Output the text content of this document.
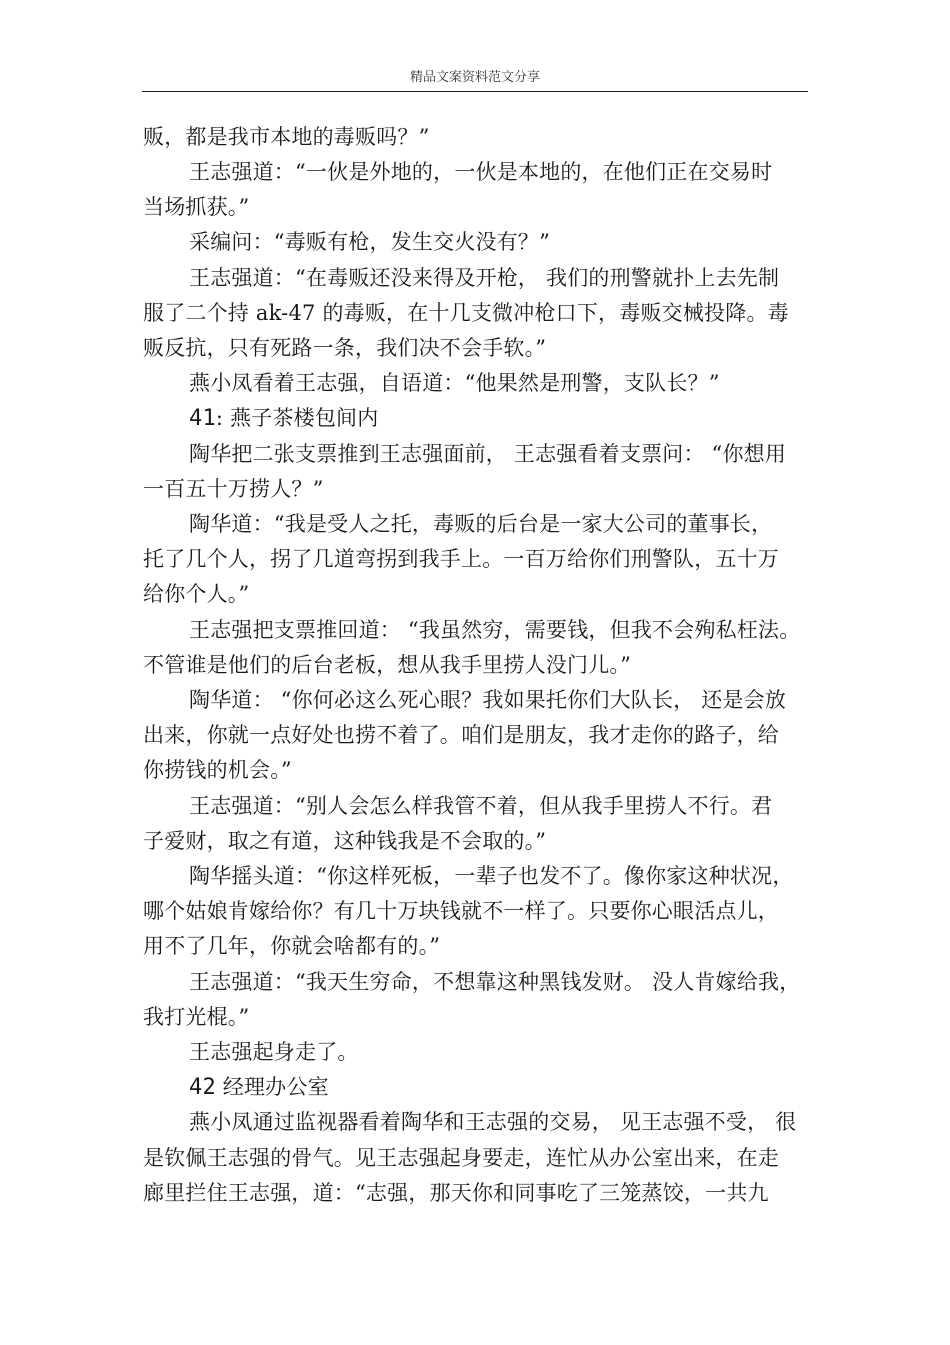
精品文案资料范文分享
贩，都是我市本地的毒贩吗？”
王志强道：“一伙是外地的，一伙是本地的，在他们正在交易时
当场抓获。”
采编问：“毒贩有枪，发生交火没有？”
王志强道：“在毒贩还没来得及开枪， 我们的刑警就扑上去先制
服了二个持 ak-47 的毒贩，在十几支微冲枪口下，毒贩交械投降。毒
贩反抗，只有死路一条，我们决不会手软。”
燕小凤看着王志强，自语道：“他果然是刑警，支队长？”
41: 燕子茶楼包间内
陶华把二张支票推到王志强面前， 王志强看着支票问： “你想用
一百五十万捞人？”
陶华道：“我是受人之托，毒贩的后台是一家大公司的董事长，
托了几个人，拐了几道弯拐到我手上。一百万给你们刑警队，五十万
给你个人。”
王志强把支票推回道： “我虽然穷，需要钱，但我不会殉私枉法。
不管谁是他们的后台老板，想从我手里捞人没门儿。”
陶华道： “你何必这么死心眼？我如果托你们大队长， 还是会放
出来，你就一点好处也捞不着了。咱们是朋友，我才走你的路子，给
你捞钱的机会。”
王志强道：“别人会怎么样我管不着，但从我手里捞人不行。君
子爱财，取之有道，这种钱我是不会取的。”
陶华摇头道：“你这样死板，一辈子也发不了。像你家这种状况，
哪个姑娘肯嫁给你？有几十万块钱就不一样了。只要你心眼活点儿，
用不了几年，你就会啥都有的。”
王志强道：“我天生穷命，不想靠这种黑钱发财。 没人肯嫁给我，
我打光棍。”
王志强起身走了。
42 经理办公室
燕小凤通过监视器看着陶华和王志强的交易， 见王志强不受， 很
是钦佩王志强的骨气。见王志强起身要走，连忙从办公室出来，在走
廊里拦住王志强，道：“志强，那天你和同事吃了三笼蒸饺，一共九
